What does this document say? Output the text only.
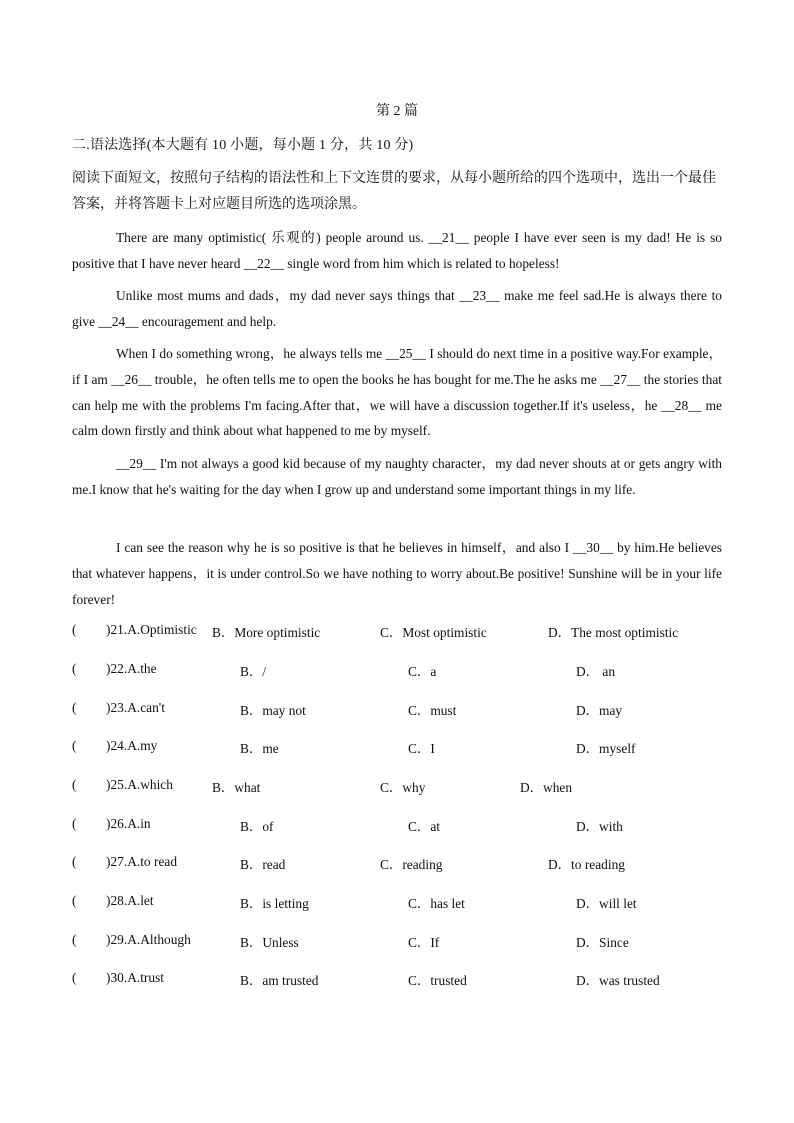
第 2 篇
二.语法选择(本大题有 10 小题，每小题 1 分，共 10 分)
阅读下面短文，按照句子结构的语法性和上下文连贯的要求，从每小题所给的四个选项中，选出一个最佳答案，并将答题卡上对应题目所选的选项涂黑。
There are many optimistic( 乐观的) people around us. __21__ people I have ever seen is my dad! He is so positive that I have never heard __22__ single word from him which is related to hopeless!
Unlike most mums and dads，my dad never says things that __23__ make me feel sad.He is always there to give __24__ encouragement and help.
When I do something wrong，he always tells me __25__ I should do next time in a positive way.For example，if I am __26__ trouble，he often tells me to open the books he has bought for me.The he asks me __27__ the stories that can help me with the problems I'm facing.After that，we will have a discussion together.If it's useless，he __28__ me calm down firstly and think about what happened to me by myself.
__29__ I'm not always a good kid because of my naughty character，my dad never shouts at or gets angry with me.I know that he's waiting for the day when I grow up and understand some important things in my life.
I can see the reason why he is so positive is that he believes in himself，and also I __30__ by him.He believes that whatever happens，it is under control.So we have nothing to worry about.Be positive! Sunshine will be in your life forever!
( )21.A.Optimistic B．More optimistic	C．Most optimistic	D．The most optimistic
( )22.A.the	B．/	C．a	D． an
( )23.A.can't	B．may not	C．must	D．may
( )24.A.my	B．me	C．I	D．myself
( )25.A.which	B．what	C．why	D．when
( )26.A.in	B．of	C．at	D．with
( )27.A.to read	B．read	C．reading	D．to reading
( )28.A.let	B．is letting	C．has let	D．will let
( )29.A.Although	B．Unless	C．If	D．Since
( )30.A.trust	B．am trusted	C．trusted	D．was trusted
